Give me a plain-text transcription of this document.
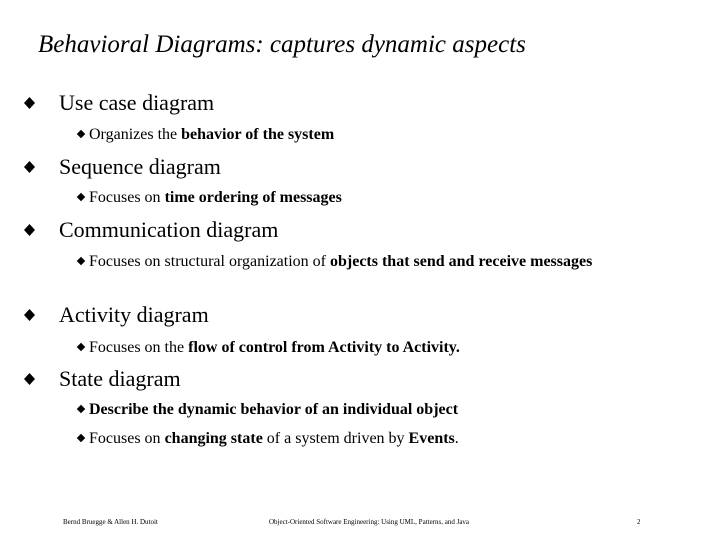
Behavioral Diagrams: captures dynamic aspects
Use case diagram
Organizes the behavior of the system
Sequence diagram
Focuses on time ordering of messages
Communication diagram
Focuses on structural organization of objects that send and receive messages
Activity diagram
Focuses on the flow of control from Activity to Activity.
State diagram
Describe the dynamic behavior of an individual object
Focuses on changing state of a system driven by Events.
Bernd Bruegge & Allen H. Dutoit	Object-Oriented Software Engineering: Using UML, Patterns, and Java	2
